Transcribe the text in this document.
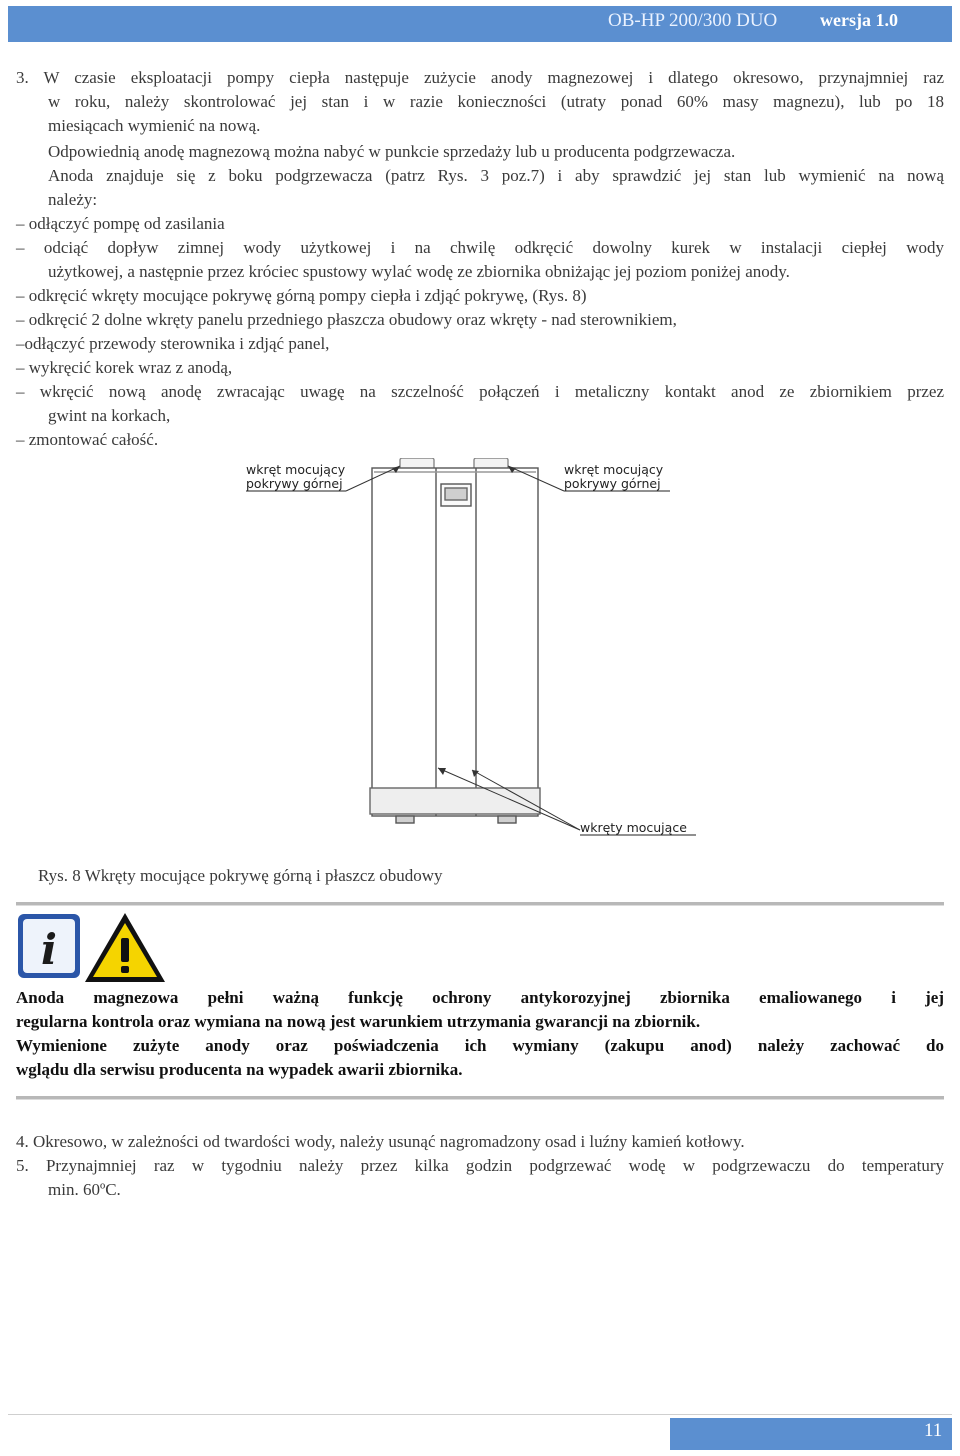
OB-HP 200/300 DUO wersja 1.0
3. W czasie eksploatacji pompy ciepła następuje zużycie anody magnezowej i dlatego okresowo, przynajmniej raz
w roku, należy skontrolować jej stan i w razie konieczności (utraty ponad 60% masy magnezu), lub po 18
miesiącach wymienić na nową.
Odpowiednią anodę magnezową można nabyć w punkcie sprzedaży lub u producenta podgrzewacza.
Anoda znajduje się z boku podgrzewacza (patrz Rys. 3 poz.7) i aby sprawdzić jej stan lub wymienić na nową
należy:
– odłączyć pompę od zasilania
– odciąć dopływ zimnej wody użytkowej i na chwilę odkręcić dowolny kurek w instalacji ciepłej wody
użytkowej, a następnie przez króciec spustowy wylać wodę ze zbiornika obniżając jej poziom poniżej anody.
– odkręcić wkręty mocujące pokrywę górną pompy ciepła i zdjąć pokrywę, (Rys. 8)
– odkręcić 2 dolne wkręty panelu przedniego płaszcza obudowy oraz wkręty - nad sterownikiem,
–odłączyć przewody sterownika i zdjąć panel,
– wykręcić korek wraz z anodą,
– wkręcić nową anodę zwracając uwagę na szczelność połączeń i metaliczny kontakt anod ze zbiornikiem przez
gwint na korkach,
– zmontować całość.
wkręt mocujący
pokrywy górnej
wkręt mocujący
pokrywy górnej
wkręty mocujące
Rys. 8 Wkręty mocujące pokrywę górną i płaszcz obudowy
i
Anoda magnezowa pełni ważną funkcję ochrony antykorozyjnej zbiornika emaliowanego i jej
regularna kontrola oraz wymiana na nową jest warunkiem utrzymania gwarancji na zbiornik.
Wymienione zużyte anody oraz poświadczenia ich wymiany (zakupu anod) należy zachować do
wglądu dla serwisu producenta na wypadek awarii zbiornika.
4. Okresowo, w zależności od twardości wody, należy usunąć nagromadzony osad i luźny kamień kotłowy.
5. Przynajmniej raz w tygodniu należy przez kilka godzin podgrzewać wodę w podgrzewaczu do temperatury
min. 60ºC.
11
